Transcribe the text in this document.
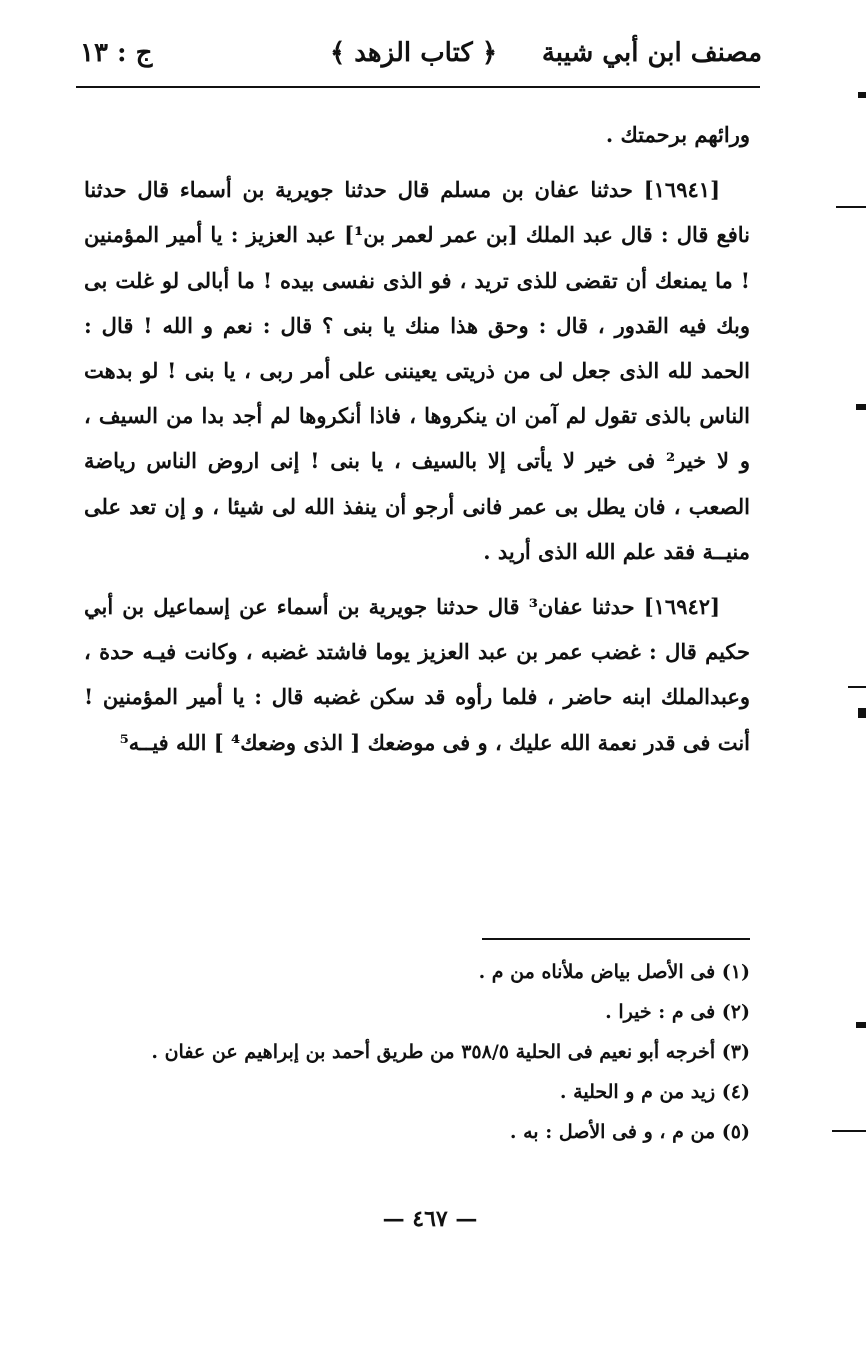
مصنف ابن أبي شيبة
﴿ كتاب الزهد ﴾
ج : ١٣

ورائهم برحمتك .

[١٦٩٤١] حدثنا عفان بن مسلم قال حدثنا جويرية بن أسماء قال حدثنا نافع قال : قال عبد الملك [بن عمر لعمر بن¹] عبد العزيز : يا أمير المؤمنين ! ما يمنعك أن تقضى للذى تريد ، فو الذى نفسى بيده ! ما أبالى لو غلت بى وبك فيه القدور ، قال : وحق هذا منك يا بنى ؟ قال : نعم و الله ! قال : الحمد لله الذى جعل لى من ذريتى يعيننى على أمر ربى ، يا بنى ! لو بدهت الناس بالذى تقول لم آمن ان ينكروها ، فاذا أنكروها لم أجد بدا من السيف ، و لا خير² فى خير لا يأتى إلا بالسيف ، يا بنى ! إنى اروض الناس رياضة الصعب ، فان يطل بى عمر فانى أرجو أن ينفذ الله لى شيئا ، و إن تعد على منيــة فقد علم الله الذى أريد .

[١٦٩٤٢] حدثنا عفان³ قال حدثنا جويرية بن أسماء عن إسماعيل بن أبي حكيم قال : غضب عمر بن عبد العزيز يوما فاشتد غضبه ، وكانت فيـه حدة ، وعبدالملك ابنه حاضر ، فلما رأوه قد سكن غضبه قال : يا أمير المؤمنين ! أنت فى قدر نعمة الله عليك ، و فى موضعك [ الذى وضعك⁴ ] الله فيــه⁵

(١) فى الأصل بياض ملأناه من م .

(٢) فى م : خيرا .

(٣) أخرجه أبو نعيم فى الحلية ٣٥٨/٥ من طريق أحمد بن إبراهيم عن عفان .

(٤) زيد من م و الحلية .

(٥) من م ، و فى الأصل : به .

— ٤٦٧ —
